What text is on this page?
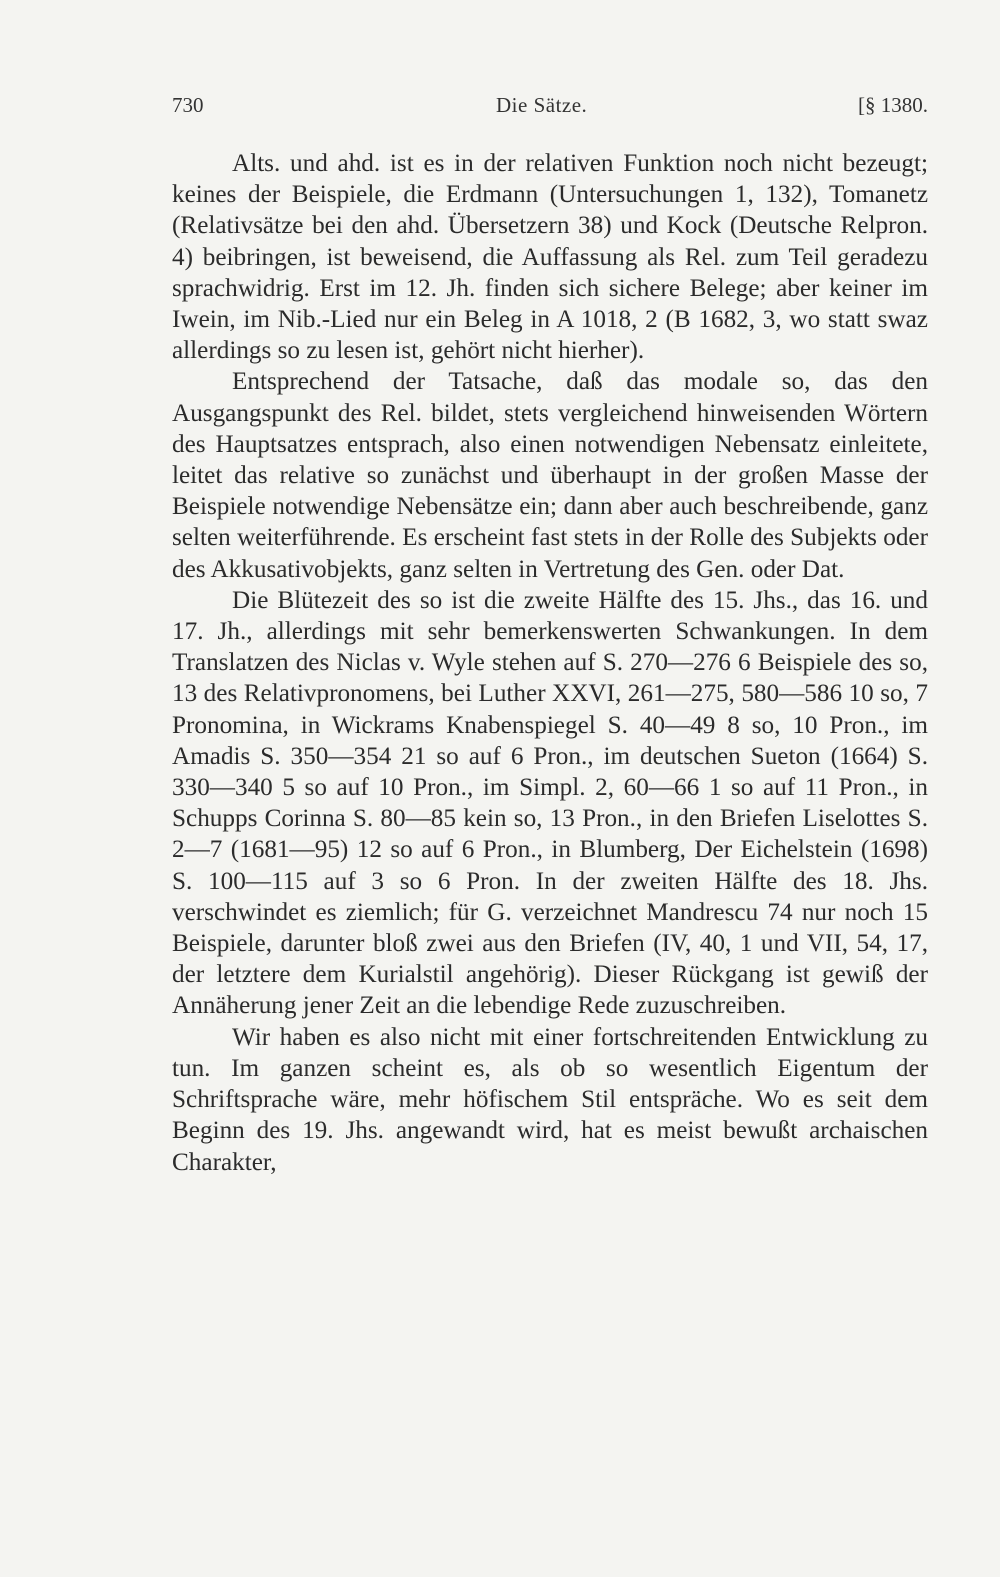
730	Die Sätze.	[§ 1380.

Alts. und ahd. ist es in der relativen Funktion noch nicht bezeugt; keines der Beispiele, die Erdmann (Untersuchungen 1, 132), Tomanetz (Relativsätze bei den ahd. Übersetzern 38) und Kock (Deutsche Relpron. 4) beibringen, ist beweisend, die Auffassung als Rel. zum Teil geradezu sprachwidrig. Erst im 12. Jh. finden sich sichere Belege; aber keiner im Iwein, im Nib.-Lied nur ein Beleg in A 1018, 2 (B 1682, 3, wo statt swaz allerdings so zu lesen ist, gehört nicht hierher).

Entsprechend der Tatsache, daß das modale so, das den Ausgangspunkt des Rel. bildet, stets vergleichend hinweisenden Wörtern des Hauptsatzes entsprach, also einen notwendigen Nebensatz einleitete, leitet das relative so zunächst und überhaupt in der großen Masse der Beispiele notwendige Nebensätze ein; dann aber auch beschreibende, ganz selten weiterführende. Es erscheint fast stets in der Rolle des Subjekts oder des Akkusativobjekts, ganz selten in Vertretung des Gen. oder Dat.

Die Blütezeit des so ist die zweite Hälfte des 15. Jhs., das 16. und 17. Jh., allerdings mit sehr bemerkenswerten Schwankungen. In dem Translatzen des Niclas v. Wyle stehen auf S. 270—276 6 Beispiele des so, 13 des Relativpronomens, bei Luther XXVI, 261—275, 580—586 10 so, 7 Pronomina, in Wickrams Knabenspiegel S. 40—49 8 so, 10 Pron., im Amadis S. 350—354 21 so auf 6 Pron., im deutschen Sueton (1664) S. 330—340 5 so auf 10 Pron., im Simpl. 2, 60—66 1 so auf 11 Pron., in Schupps Corinna S. 80—85 kein so, 13 Pron., in den Briefen Liselottes S. 2—7 (1681—95) 12 so auf 6 Pron., in Blumberg, Der Eichelstein (1698) S. 100—115 auf 3 so 6 Pron. In der zweiten Hälfte des 18. Jhs. verschwindet es ziemlich; für G. verzeichnet Mandrescu 74 nur noch 15 Beispiele, darunter bloß zwei aus den Briefen (IV, 40, 1 und VII, 54, 17, der letztere dem Kurialstil angehörig). Dieser Rückgang ist gewiß der Annäherung jener Zeit an die lebendige Rede zuzuschreiben.

Wir haben es also nicht mit einer fortschreitenden Entwicklung zu tun. Im ganzen scheint es, als ob so wesentlich Eigentum der Schriftsprache wäre, mehr höfischem Stil entspräche. Wo es seit dem Beginn des 19. Jhs. angewandt wird, hat es meist bewußt archaischen Charakter,
